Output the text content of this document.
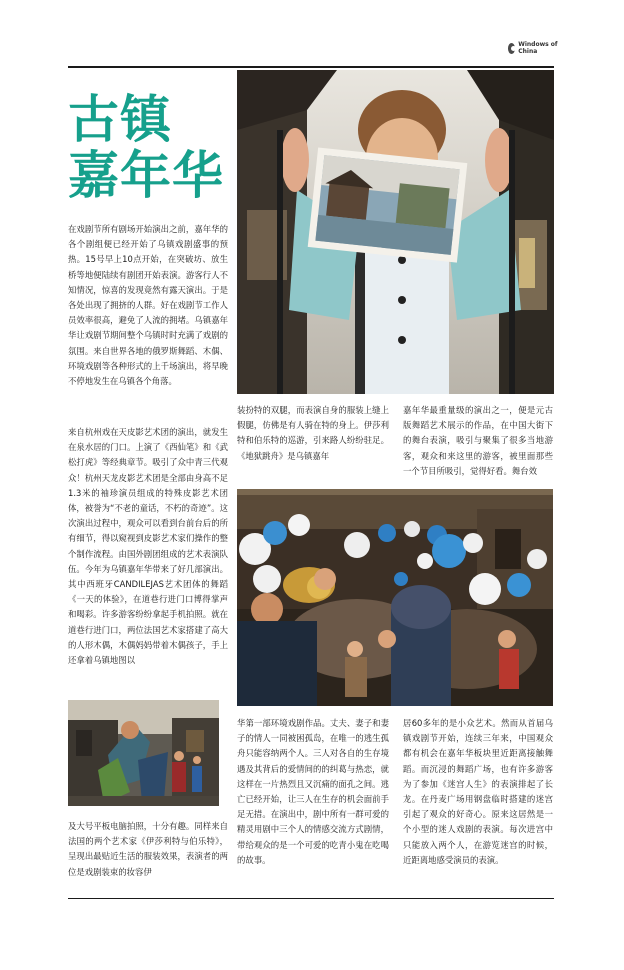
Windows of China
古镇
嘉年华

在戏剧节所有剧场开始演出之前，嘉年华的各个剧组便已经开始了乌镇戏剧盛事的预热。15号早上10点开始，在突破坊、放生桥等地便陆续有剧团开始表演。游客行人不知情况，惊喜的发现竟然有露天演出。于是各处出现了拥挤的人群。好在戏剧节工作人员效率很高，避免了人流的拥堵。乌镇嘉年华让戏剧节期间整个乌镇时时充满了戏剧的氛围。来自世界各地的俄罗斯舞蹈、木偶、环境戏剧等各种形式的上千场演出，将早晚不停地发生在乌镇各个角落。

来自杭州戏在天皮影艺术团的演出，就发生在泉水居的门口。上演了《西仙笔》和《武松打虎》等经典章节。吸引了众中青三代观众！杭州天龙皮影艺术团是全部由身高不足1.3米的袖珍演员组成的特殊皮影艺术团体，被誉为“不老的童话，不朽的奇迹”。这次演出过程中，观众可以看到台前台后的所有细节，得以窥视到皮影艺术家们操作的整个制作流程。由国外剧团组成的艺术表演队伍。今年为乌镇嘉年华带来了好几部演出。其中西班牙CANDILEJAS艺术团体的舞蹈《一天的体验》，在道巷行进门口博得掌声和喝彩。许多游客纷纷拿起手机拍照。就在道巷行进门口，两位法国艺术家搭建了高大的人形木偶，木偶妈妈带着木偶孩子，手上还拿着乌镇地图以

及大号平板电脑拍照，十分有趣。同样来自法国的两个艺术家《伊莎利特与伯乐特》，呈现出最贴近生活的服装效果，表演者的两位是戏剧装束的妆容伊

装扮特的双腿，而表演自身的服装上缝上假腿，仿佛是有人骑在特的身上。伊莎利特和伯乐特的巡游，引来路人纷纷驻足。《地狱跳舟》是乌镇嘉年

嘉年华最重量级的演出之一，便是元古版舞蹈艺术展示的作品，在中国大街下的舞台表演，吸引与聚集了很多当地游客，观众和来这里的游客，被里面那些一个节目所吸引，觉得好看。舞台效

华第一部环境戏剧作品。丈夫、妻子和妻子的情人一同被困孤岛，在唯一的逃生孤舟只能容纳两个人。三人对各自的生存境遇及其背后的爱情间的的纠葛与热恋，就这样在一片热烈且又沉痛的面孔之间。逃亡已经开始，让三人在生存的机会面前手足无措。在演出中，剧中所有一群可爱的精灵用剧中三个人的情感交流方式剧情，带给观众的是一个可爱的吃青小鬼在吃喝的故事。

居60多年的是小众艺术。然而从首届乌镇戏剧节开始，连续三年来，中国观众都有机会在嘉年华板块里近距离接触舞蹈。而沉浸的舞蹈广场，也有许多游客为了参加《迷宫人生》的表演排起了长龙。在丹麦广场用钢盘临时搭建的迷宫引起了观众的好奇心。原来这居然是一个小型的迷人戏剧的表演。每次进宫中只能放入两个人，在游览迷宫的时候，近距离地感受演员的表演。
